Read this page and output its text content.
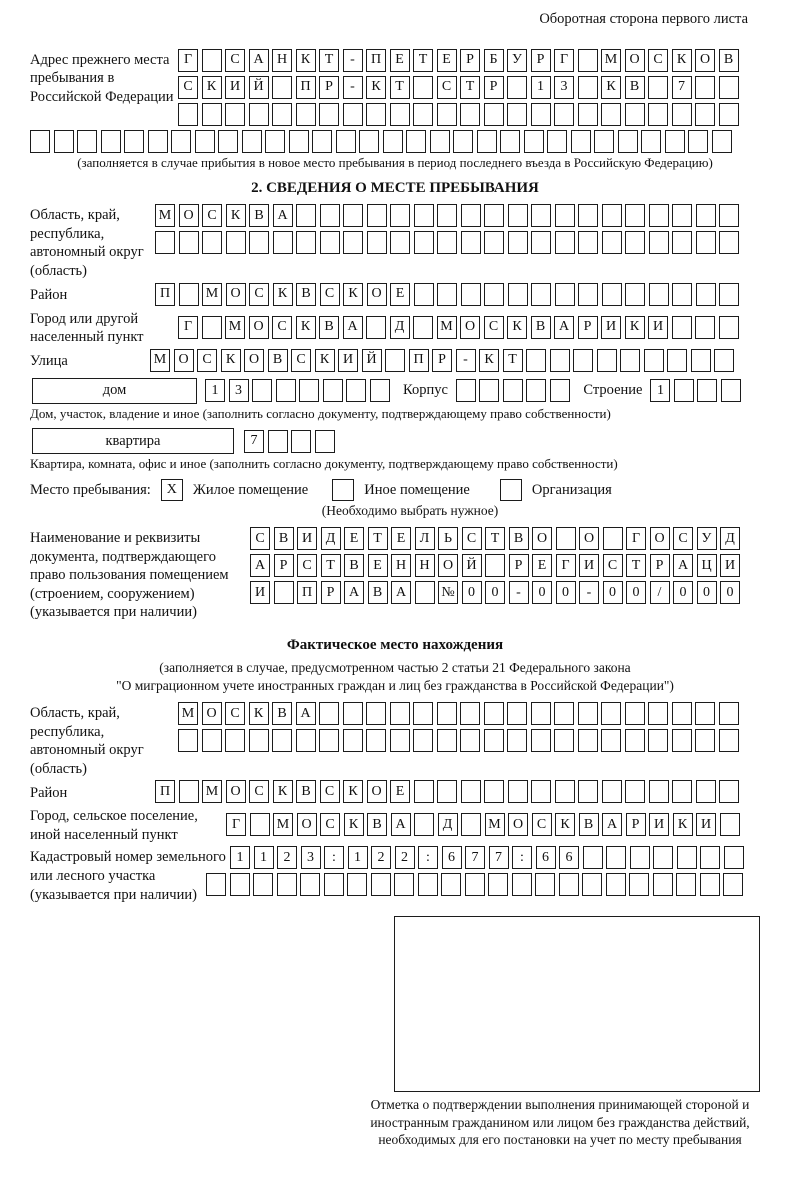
Оборотная сторона первого листа
Адрес прежнего места пребывания в Российской Федерации
Г	С А Н К	Т	-	П	Е	Т	Е	Р	Б	У	Р	Г	М О С	К О В
С	К И Й	П	Р	-	К	Т	С	Т	Р	1	3	К	В	7
(заполняется в случае прибытия в новое место пребывания в период последнего въезда в Российскую Федерацию)
2. СВЕДЕНИЯ О МЕСТЕ ПРЕБЫВАНИЯ
Область, край, республика, автономный округ (область)
М О С	К	В А
Район	П	М О С	К	В	С	К О	Е
Город или другой населенный пункт
Г	М О С	К	В А	Д	М О С	К	В А	Р	И К И
Улица	М О С	К О В	С	К И Й	П	Р	-	К	Т
дом	1	3	Корпус	Строение	1
Дом, участок, владение и иное (заполнить согласно документу, подтверждающему право собственности)
квартира	7
Квартира, комната, офис и иное (заполнить согласно документу, подтверждающему право собственности)
Место пребывания:	X	Жилое помещение	Иное помещение	Организация
(Необходимо выбрать нужное)
Наименование и реквизиты документа, подтверждающего право пользования помещением (строением, сооружением) (указывается при наличии)
С	В И Д	Е	Т	Е	Л	Ь	С	Т	В О	О	Г	О С У Д
А	Р	С	Т	В	Е	Н Н О Й	Р	Е	Г	И С	Т	Р	А Ц И
И	П	Р	А В А	№ 0	0	-	0	0	-	0	0	/	0	0	0
Фактическое место нахождения
(заполняется в случае, предусмотренном частью 2 статьи 21 Федерального закона
"О миграционном учете иностранных граждан и лиц без гражданства в Российской Федерации")
Область, край, республика, автономный округ (область)
М О С	К	В А
Район	П	М О С	К	В	С	К О	Е
Город, сельское поселение, иной населенный пункт
Г	М О С	К	В А	Д	М О С	К	В А	Р	И К И
Кадастровый номер земельного или лесного участка (указывается при наличии)
1	1	2	3	:	1	2	2	:	6	7	7	:	6	6
Отметка о подтверждении выполнения принимающей стороной и иностранным гражданином или лицом без гражданства действий, необходимых для его постановки на учет по месту пребывания
